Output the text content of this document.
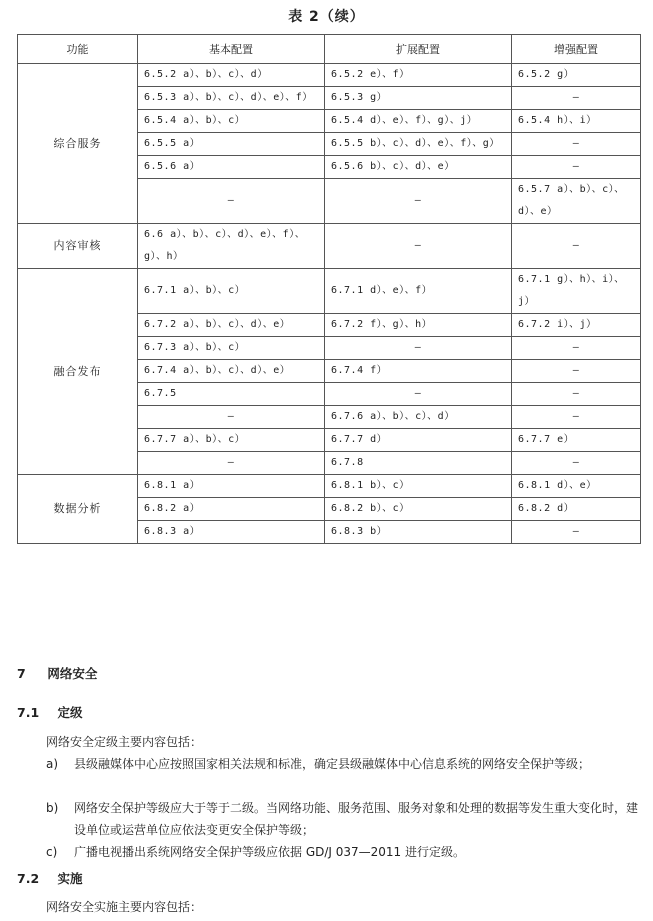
表 2（续）
功能	基本配置	扩展配置	增强配置
综合服务	6.5.2 a）、b）、c）、d）	6.5.2 e）、f）	6.5.2 g）
	6.5.3 a）、b）、c）、d）、e）、f）	6.5.3 g）	–
	6.5.4 a）、b）、c）	6.5.4 d）、e）、f）、g）、j）	6.5.4 h）、i）
	6.5.5 a）	6.5.5 b）、c）、d）、e）、f）、g）	–
	6.5.6 a）	6.5.6 b）、c）、d）、e）	–
	–	–	6.5.7 a）、b）、c）、d）、e）
内容审核	6.6 a）、b）、c）、d）、e）、f）、g）、h）	–	–
融合发布	6.7.1 a）、b）、c）	6.7.1 d）、e）、f）	6.7.1 g）、h）、i）、j）
	6.7.2 a）、b）、c）、d）、e）	6.7.2 f）、g）、h）	6.7.2 i）、j）
	6.7.3 a）、b）、c）	–	–
	6.7.4 a）、b）、c）、d）、e）	6.7.4 f）	–
	6.7.5	–	–
	–	6.7.6 a）、b）、c）、d）	–
	6.7.7 a）、b）、c）	6.7.7 d）	6.7.7 e）
	–	6.7.8	–
数据分析	6.8.1 a）	6.8.1 b）、c）	6.8.1 d）、e）
	6.8.2 a）	6.8.2 b）、c）	6.8.2 d）
	6.8.3 a）	6.8.3 b）	–
7 网络安全
7.1 定级
网络安全定级主要内容包括：
a) 县级融媒体中心应按照国家相关法规和标准，确定县级融媒体中心信息系统的网络安全保护等级；
b) 网络安全保护等级应大于等于二级。当网络功能、服务范围、服务对象和处理的数据等发生重大变化时，建设单位或运营单位应依法变更安全保护等级；
c) 广播电视播出系统网络安全保护等级应依据 GD/J 037—2011 进行定级。
7.2 实施
网络安全实施主要内容包括：
